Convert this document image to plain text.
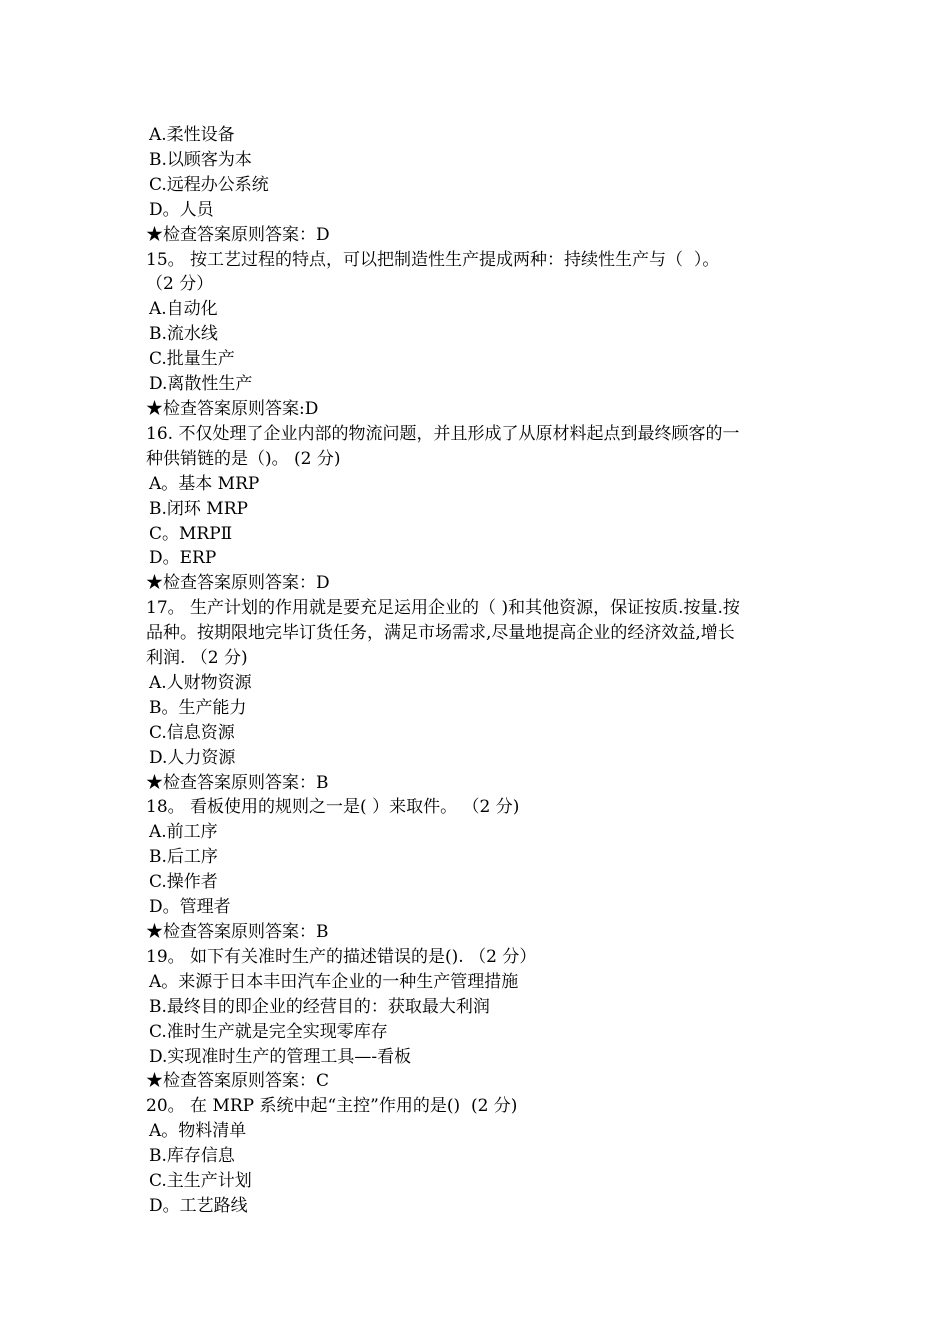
A.柔性设备

B.以顾客为本

C.远程办公系统

D。人员

★检查答案原则答案：D

15。 按工艺过程的特点，可以把制造性生产提成两种：持续性生产与（  ）。

（2 分）

A.自动化

B.流水线

C.批量生产

D.离散性生产

★检查答案原则答案:D

16. 不仅处理了企业内部的物流问题，并且形成了从原材料起点到最终顾客的一

种供销链的是（)。 (2 分)

A。基本 MRP

B.闭环 MRP

C。MRPⅡ

D。ERP

★检查答案原则答案：D

17。 生产计划的作用就是要充足运用企业的（ )和其他资源，保证按质.按量.按

品种。按期限地完毕订货任务，满足市场需求,尽量地提高企业的经济效益,增长

利润. （2 分)

A.人财物资源

B。生产能力

C.信息资源

D.人力资源

★检查答案原则答案：B

18。 看板使用的规则之一是( ）来取件。 （2 分)

A.前工序

B.后工序

C.操作者

D。管理者

★检查答案原则答案：B

19。 如下有关准时生产的描述错误的是(). （2 分）

A。来源于日本丰田汽车企业的一种生产管理措施

B.最终目的即企业的经营目的：获取最大利润

C.准时生产就是完全实现零库存

D.实现准时生产的管理工具—-看板

★检查答案原则答案：C

20。 在 MRP 系统中起“主控”作用的是()  (2 分)

A。物料清单

B.库存信息

C.主生产计划

D。工艺路线
